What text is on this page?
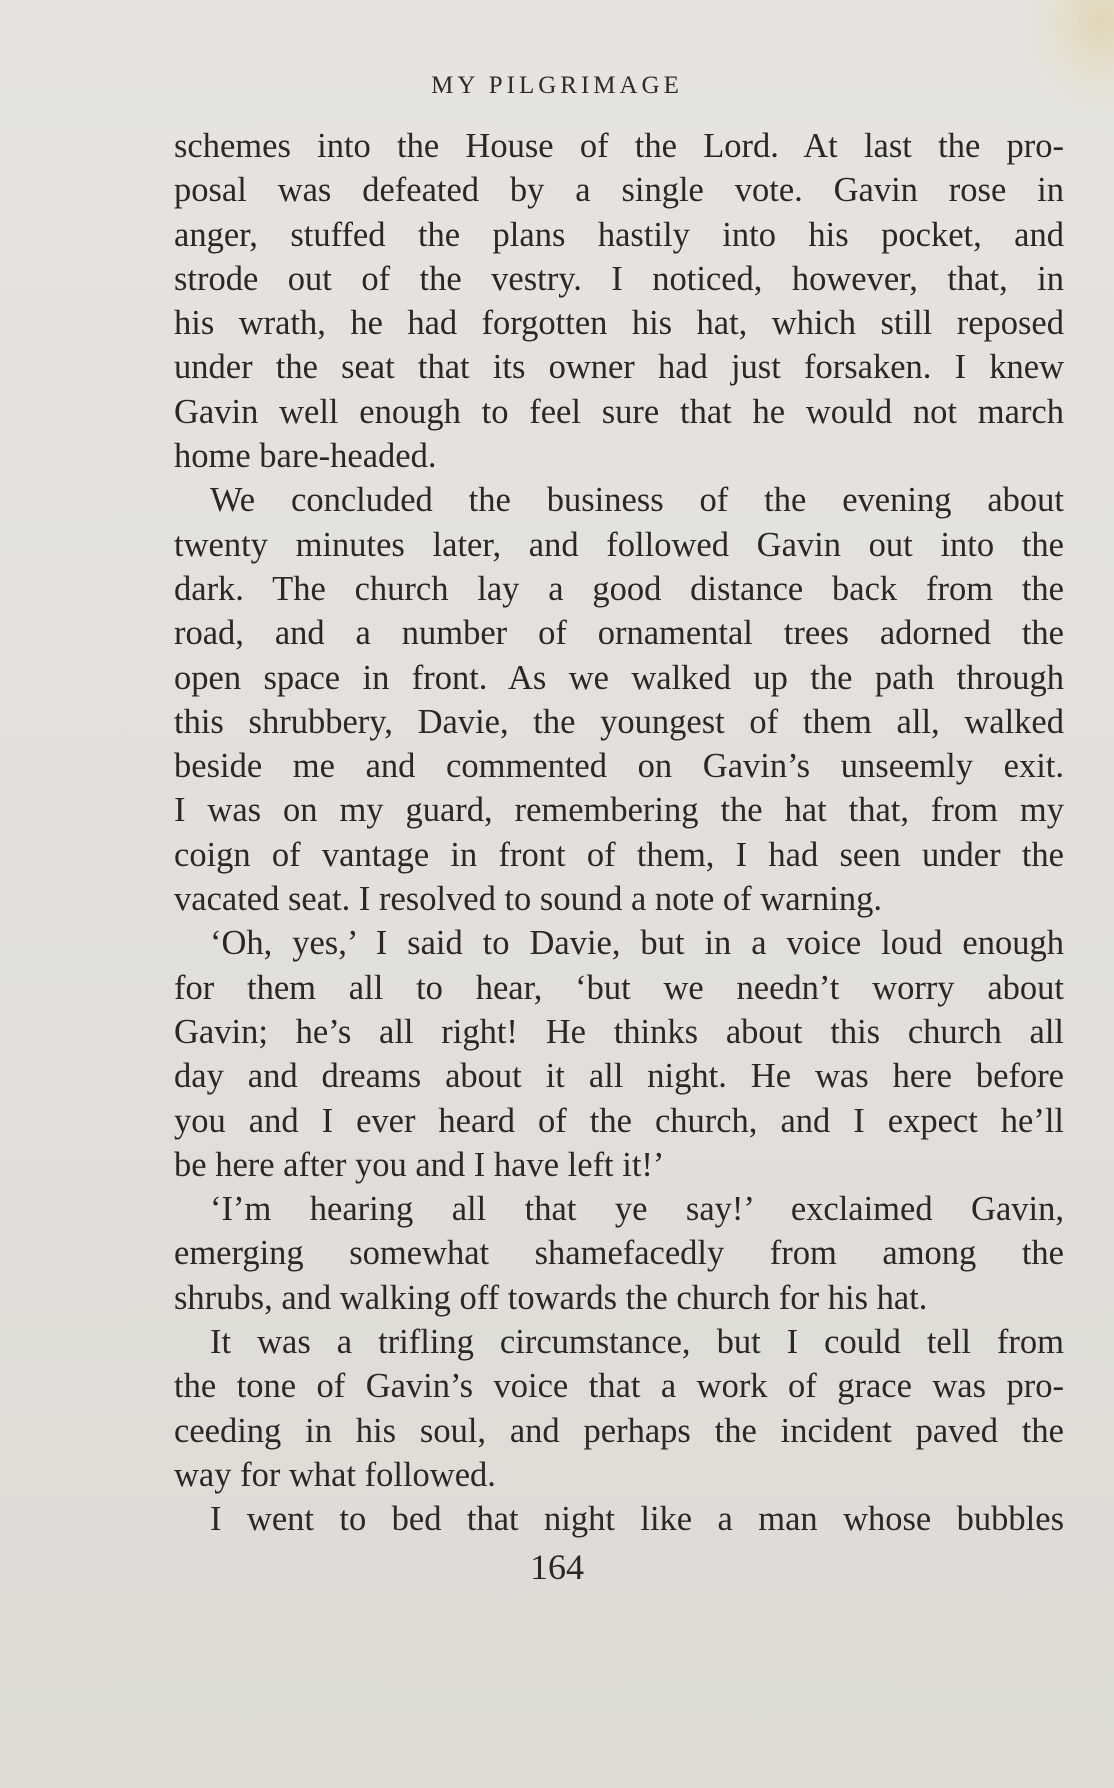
MY PILGRIMAGE
schemes into the House of the Lord. At last the pro-
posal was defeated by a single vote. Gavin rose in
anger, stuffed the plans hastily into his pocket, and
strode out of the vestry. I noticed, however, that, in
his wrath, he had forgotten his hat, which still reposed
under the seat that its owner had just forsaken. I knew
Gavin well enough to feel sure that he would not march
home bare-headed.
We concluded the business of the evening about
twenty minutes later, and followed Gavin out into the
dark. The church lay a good distance back from the
road, and a number of ornamental trees adorned the
open space in front. As we walked up the path through
this shrubbery, Davie, the youngest of them all, walked
beside me and commented on Gavin’s unseemly exit.
I was on my guard, remembering the hat that, from my
coign of vantage in front of them, I had seen under the
vacated seat. I resolved to sound a note of warning.
‘Oh, yes,’ I said to Davie, but in a voice loud enough
for them all to hear, ‘but we needn’t worry about
Gavin; he’s all right! He thinks about this church all
day and dreams about it all night. He was here before
you and I ever heard of the church, and I expect he’ll
be here after you and I have left it!’
‘I’m hearing all that ye say!’ exclaimed Gavin,
emerging somewhat shamefacedly from among the
shrubs, and walking off towards the church for his hat.
It was a trifling circumstance, but I could tell from
the tone of Gavin’s voice that a work of grace was pro-
ceeding in his soul, and perhaps the incident paved the
way for what followed.
I went to bed that night like a man whose bubbles
164
